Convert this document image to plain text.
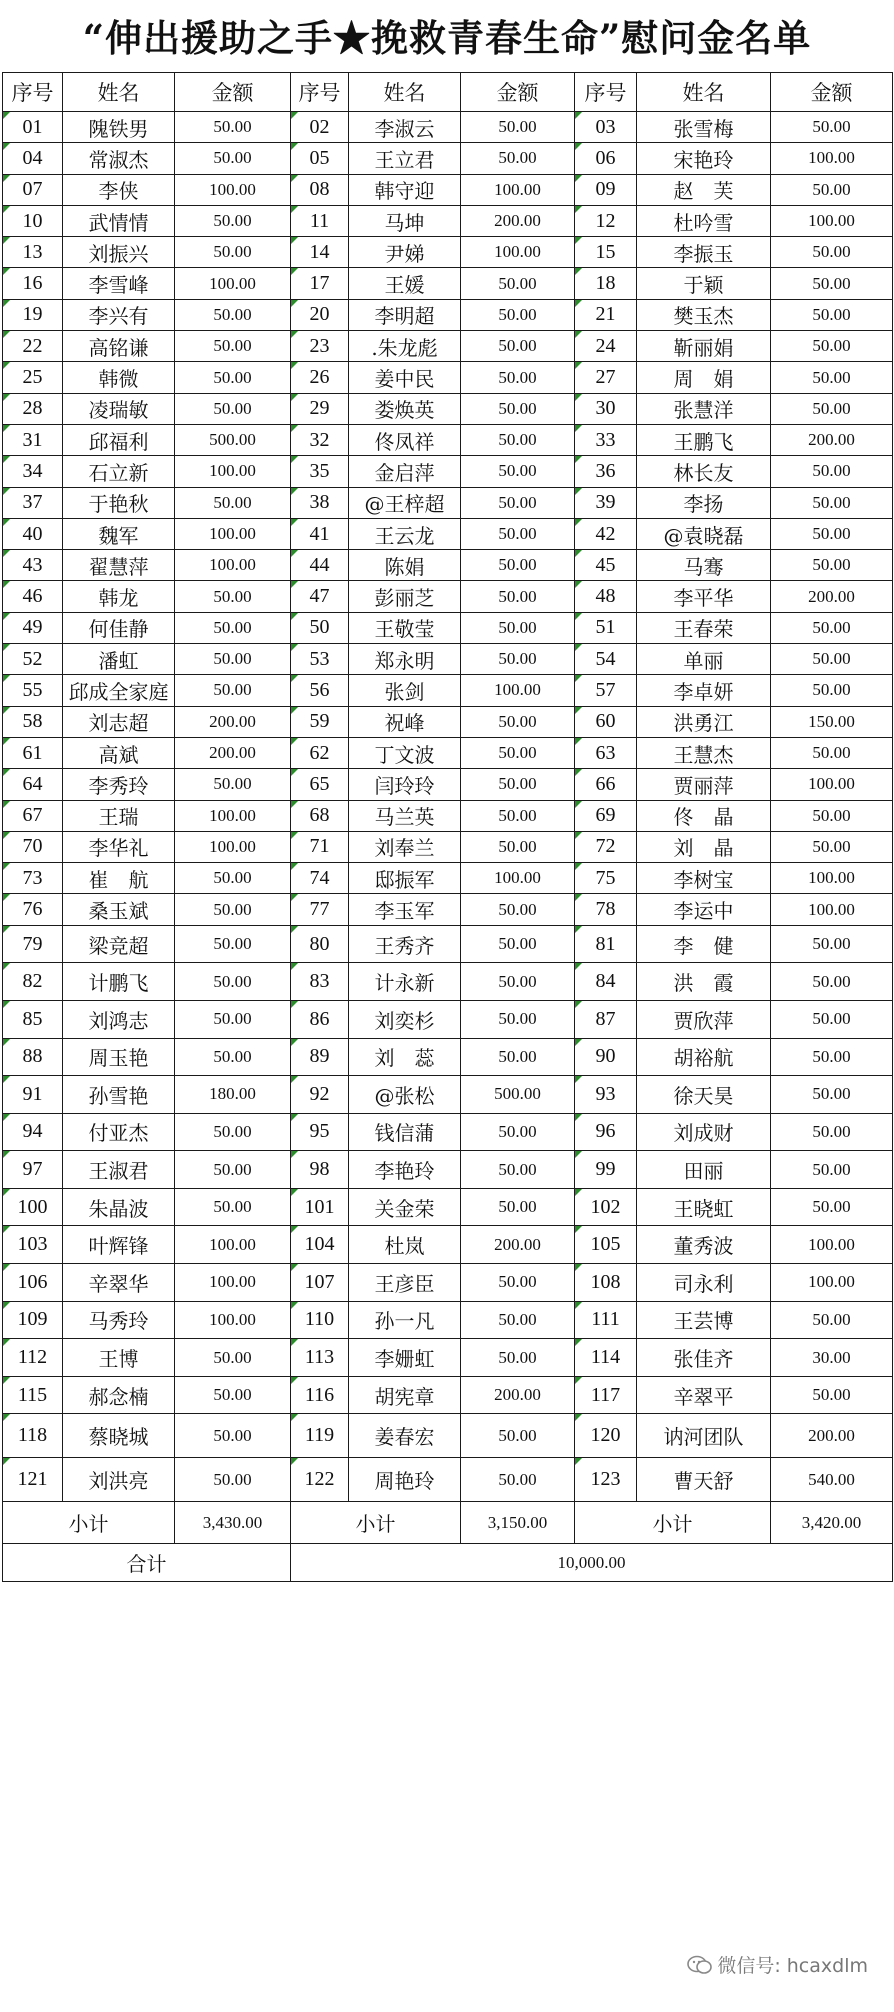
“伸出援助之手★挽救青春生命”慰问金名单
序号	姓名	金额	序号	姓名	金额	序号	姓名	金额
01	隗铁男	50.00	02	李淑云	50.00	03	张雪梅	50.00
04	常淑杰	50.00	05	王立君	50.00	06	宋艳玲	100.00
07	李侠	100.00	08	韩守迎	100.00	09	赵　芙	50.00
10	武情情	50.00	11	马坤	200.00	12	杜吟雪	100.00
13	刘振兴	50.00	14	尹娣	100.00	15	李振玉	50.00
16	李雪峰	100.00	17	王媛	50.00	18	于颖	50.00
19	李兴有	50.00	20	李明超	50.00	21	樊玉杰	50.00
22	高铭谦	50.00	23	.朱龙彪	50.00	24	靳丽娟	50.00
25	韩微	50.00	26	姜中民	50.00	27	周　娟	50.00
28	凌瑞敏	50.00	29	娄焕英	50.00	30	张慧洋	50.00
31	邱福利	500.00	32	佟凤祥	50.00	33	王鹏飞	200.00
34	石立新	100.00	35	金启萍	50.00	36	林长友	50.00
37	于艳秋	50.00	38	@王梓超	50.00	39	李扬	50.00
40	魏军	100.00	41	王云龙	50.00	42	@袁晓磊	50.00
43	翟慧萍	100.00	44	陈娟	50.00	45	马骞	50.00
46	韩龙	50.00	47	彭丽芝	50.00	48	李平华	200.00
49	何佳静	50.00	50	王敬莹	50.00	51	王春荣	50.00
52	潘虹	50.00	53	郑永明	50.00	54	单丽	50.00
55	邱成全家庭	50.00	56	张剑	100.00	57	李卓妍	50.00
58	刘志超	200.00	59	祝峰	50.00	60	洪勇江	150.00
61	高斌	200.00	62	丁文波	50.00	63	王慧杰	50.00
64	李秀玲	50.00	65	闫玲玲	50.00	66	贾丽萍	100.00
67	王瑞	100.00	68	马兰英	50.00	69	佟　晶	50.00
70	李华礼	100.00	71	刘奉兰	50.00	72	刘　晶	50.00
73	崔　航	50.00	74	邸振军	100.00	75	李树宝	100.00
76	桑玉斌	50.00	77	李玉军	50.00	78	李运中	100.00
79	梁竞超	50.00	80	王秀齐	50.00	81	李　健	50.00
82	计鹏飞	50.00	83	计永新	50.00	84	洪　霞	50.00
85	刘鸿志	50.00	86	刘奕杉	50.00	87	贾欣萍	50.00
88	周玉艳	50.00	89	刘　蕊	50.00	90	胡裕航	50.00
91	孙雪艳	180.00	92	@张松	500.00	93	徐天昊	50.00
94	付亚杰	50.00	95	钱信蒲	50.00	96	刘成财	50.00
97	王淑君	50.00	98	李艳玲	50.00	99	田丽	50.00
100	朱晶波	50.00	101	关金荣	50.00	102	王晓虹	50.00
103	叶辉锋	100.00	104	杜岚	200.00	105	董秀波	100.00
106	辛翠华	100.00	107	王彦臣	50.00	108	司永利	100.00
109	马秀玲	100.00	110	孙一凡	50.00	111	王芸博	50.00
112	王博	50.00	113	李姗虹	50.00	114	张佳齐	30.00
115	郝念楠	50.00	116	胡宪章	200.00	117	辛翠平	50.00
118	蔡晓城	50.00	119	姜春宏	50.00	120	讷河团队	200.00
121	刘洪亮	50.00	122	周艳玲	50.00	123	曹天舒	540.00
小计		3,430.00	小计		3,150.00	小计		3,420.00
合计			10,000.00					
微信号: hcaxdlm
